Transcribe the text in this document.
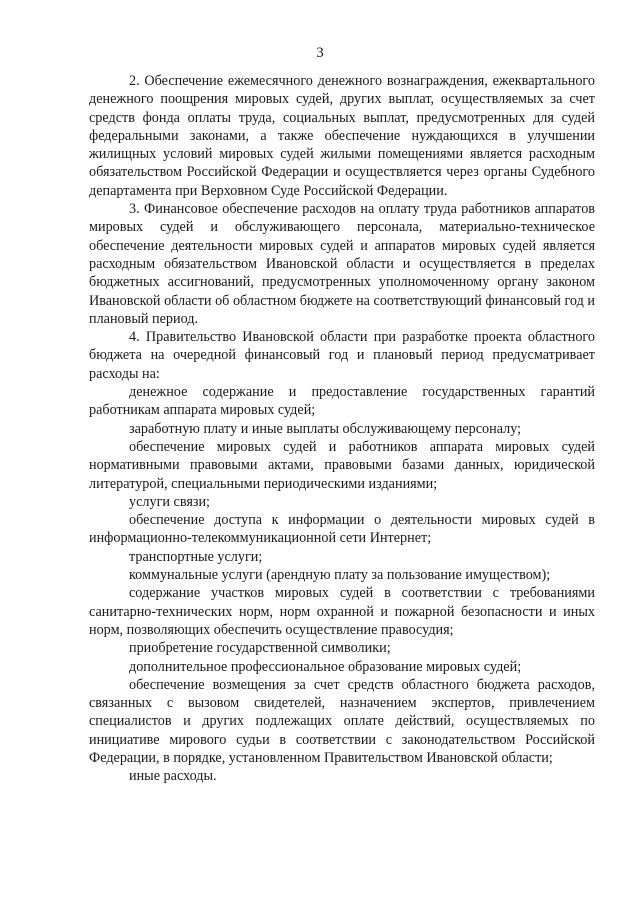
3

2. Обеспечение ежемесячного денежного вознаграждения, ежеквартального денежного поощрения мировых судей, других выплат, осуществляемых за счет средств фонда оплаты труда, социальных выплат, предусмотренных для судей федеральными законами, а также обеспечение нуждающихся в улучшении жилищных условий мировых судей жилыми помещениями является расходным обязательством Российской Федерации и осуществляется через органы Судебного департамента при Верховном Суде Российской Федерации.

3. Финансовое обеспечение расходов на оплату труда работников аппаратов мировых судей и обслуживающего персонала, материально-техническое обеспечение деятельности мировых судей и аппаратов мировых судей является расходным обязательством Ивановской области и осуществляется в пределах бюджетных ассигнований, предусмотренных уполномоченному органу законом Ивановской области об областном бюджете на соответствующий финансовый год и плановый период.

4. Правительство Ивановской области при разработке проекта областного бюджета на очередной финансовый год и плановый период предусматривает расходы на:

денежное содержание и предоставление государственных гарантий работникам аппарата мировых судей;

заработную плату и иные выплаты обслуживающему персоналу;

обеспечение мировых судей и работников аппарата мировых судей нормативными правовыми актами, правовыми базами данных, юридической литературой, специальными периодическими изданиями;

услуги связи;

обеспечение доступа к информации о деятельности мировых судей в информационно-телекоммуникационной сети Интернет;

транспортные услуги;

коммунальные услуги (арендную плату за пользование имуществом);

содержание участков мировых судей в соответствии с требованиями санитарно-технических норм, норм охранной и пожарной безопасности и иных норм, позволяющих обеспечить осуществление правосудия;

приобретение государственной символики;

дополнительное профессиональное образование мировых судей;

обеспечение возмещения за счет средств областного бюджета расходов, связанных с вызовом свидетелей, назначением экспертов, привлечением специалистов и других подлежащих оплате действий, осуществляемых по инициативе мирового судьи в соответствии с законодательством Российской Федерации, в порядке, установленном Правительством Ивановской области;

иные расходы.
